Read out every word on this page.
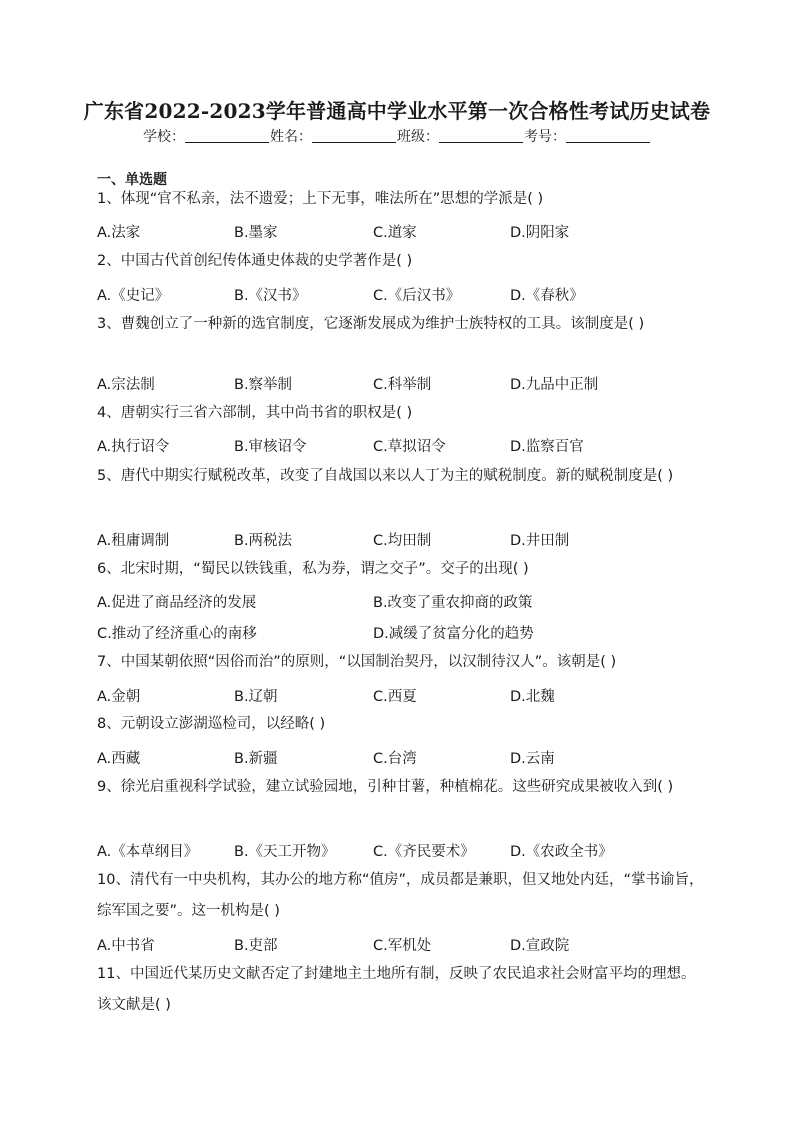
广东省2022-2023学年普通高中学业水平第一次合格性考试历史试卷
学校：	姓名：	班级：	考号：
一、单选题
1、体现“官不私亲，法不遗爱；上下无事，唯法所在”思想的学派是( )
A.法家	B.墨家	C.道家	D.阴阳家
2、中国古代首创纪传体通史体裁的史学著作是( )
A.《史记》	B.《汉书》	C.《后汉书》	D.《春秋》
3、曹魏创立了一种新的选官制度，它逐渐发展成为维护士族特权的工具。该制度是( )
A.宗法制	B.察举制	C.科举制	D.九品中正制
4、唐朝实行三省六部制，其中尚书省的职权是( )
A.执行诏令	B.审核诏令	C.草拟诏令	D.监察百官
5、唐代中期实行赋税改革，改变了自战国以来以人丁为主的赋税制度。新的赋税制度是( )
A.租庸调制	B.两税法	C.均田制	D.井田制
6、北宋时期，“蜀民以铁钱重，私为券，谓之交子”。交子的出现( )
A.促进了商品经济的发展	B.改变了重农抑商的政策
C.推动了经济重心的南移	D.减缓了贫富分化的趋势
7、中国某朝依照“因俗而治”的原则，“以国制治契丹，以汉制待汉人”。该朝是( )
A.金朝	B.辽朝	C.西夏	D.北魏
8、元朝设立澎湖巡检司，以经略( )
A.西藏	B.新疆	C.台湾	D.云南
9、徐光启重视科学试验，建立试验园地，引种甘薯，种植棉花。这些研究成果被收入到( )
A.《本草纲目》 B.《天工开物》	C.《齐民要术》 D.《农政全书》
10、清代有一中央机构，其办公的地方称“值房”，成员都是兼职，但又地处内廷，“掌书谕旨，综军国之要”。这一机构是( )
A.中书省	B.吏部	C.军机处	D.宣政院
11、中国近代某历史文献否定了封建地主土地所有制，反映了农民追求社会财富平均的理想。该文献是( )
